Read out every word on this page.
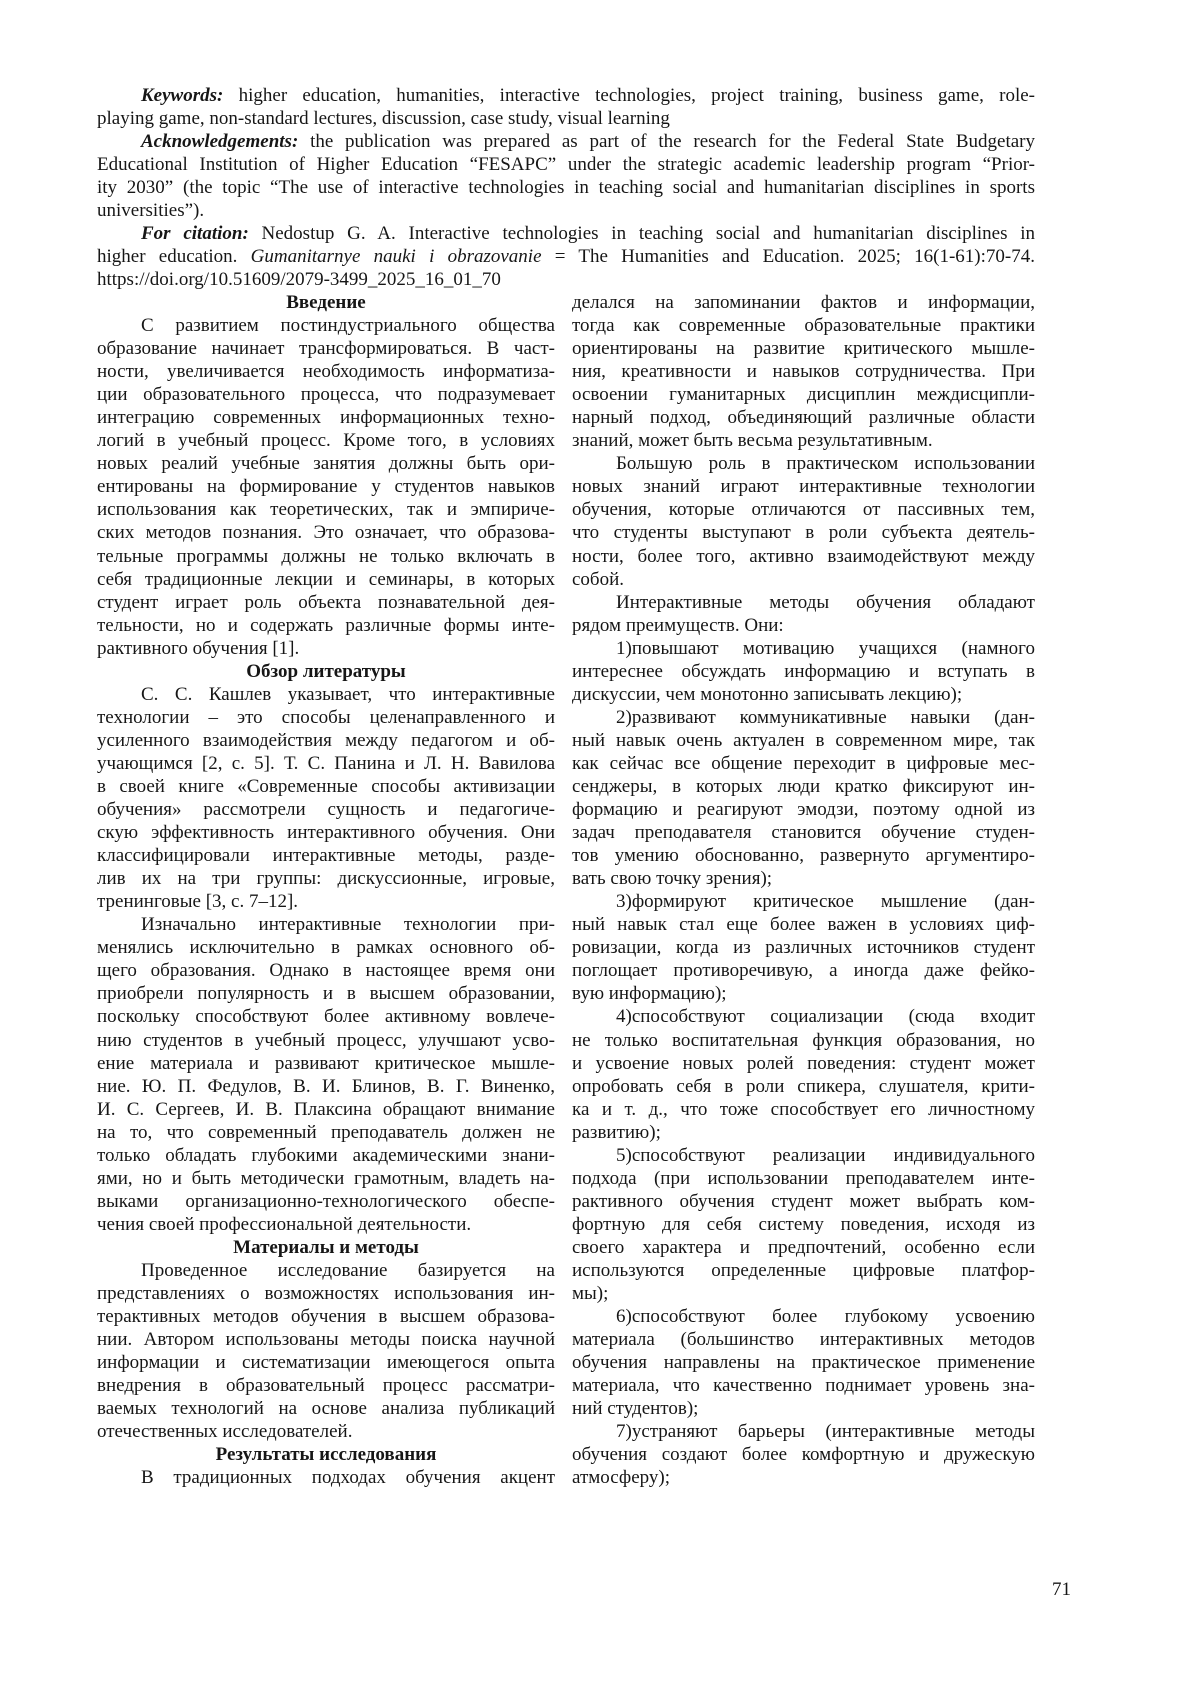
Keywords: higher education, humanities, interactive technologies, project training, business game, role-
playing game, non-standard lectures, discussion, case study, visual learning
Acknowledgements: the publication was prepared as part of the research for the Federal State Budgetary
Educational Institution of Higher Education “FESAPC” under the strategic academic leadership program “Prior-
ity 2030” (the topic “The use of interactive technologies in teaching social and humanitarian disciplines in sports
universities”).
For citation: Nedostup G. A. Interactive technologies in teaching social and humanitarian disciplines in
higher education. Gumanitarnye nauki i obrazovanie = The Humanities and Education. 2025; 16(1-61):70-74.
https://doi.org/10.51609/2079-3499_2025_16_01_70
Введение
С развитием постиндустриального общества
образование начинает трансформироваться. В част-
ности, увеличивается необходимость информатиза-
ции образовательного процесса, что подразумевает
интеграцию современных информационных техно-
логий в учебный процесс. Кроме того, в условиях
новых реалий учебные занятия должны быть ори-
ентированы на формирование у студентов навыков
использования как теоретических, так и эмпириче-
ских методов познания. Это означает, что образова-
тельные программы должны не только включать в
себя традиционные лекции и семинары, в которых
студент играет роль объекта познавательной дея-
тельности, но и содержать различные формы инте-
рактивного обучения [1].
Обзор литературы
С. С. Кашлев указывает, что интерактивные
технологии – это способы целенаправленного и
усиленного взаимодействия между педагогом и об-
учающимся [2, с. 5]. Т. С. Панина и Л. Н. Вавилова
в своей книге «Современные способы активизации
обучения» рассмотрели сущность и педагогиче-
скую эффективность интерактивного обучения. Они
классифицировали интерактивные методы, разде-
лив их на три группы: дискуссионные, игровые,
тренинговые [3, с. 7–12].
Изначально интерактивные технологии при-
менялись исключительно в рамках основного об-
щего образования. Однако в настоящее время они
приобрели популярность и в высшем образовании,
поскольку способствуют более активному вовлече-
нию студентов в учебный процесс, улучшают усво-
ение материала и развивают критическое мышле-
ние. Ю. П. Федулов, В. И. Блинов, В. Г. Виненко,
И. С. Сергеев, И. В. Плаксина обращают внимание
на то, что современный преподаватель должен не
только обладать глубокими академическими знани-
ями, но и быть методически грамотным, владеть на-
выками организационно-технологического обеспе-
чения своей профессиональной деятельности.
Материалы и методы
Проведенное исследование базируется на
представлениях о возможностях использования ин-
терактивных методов обучения в высшем образова-
нии. Автором использованы методы поиска научной
информации и систематизации имеющегося опыта
внедрения в образовательный процесс рассматри-
ваемых технологий на основе анализа публикаций
отечественных исследователей.
Результаты исследования
В традиционных подходах обучения акцент
делался на запоминании фактов и информации,
тогда как современные образовательные практики
ориентированы на развитие критического мышле-
ния, креативности и навыков сотрудничества. При
освоении гуманитарных дисциплин междисципли-
нарный подход, объединяющий различные области
знаний, может быть весьма результативным.
Большую роль в практическом использовании
новых знаний играют интерактивные технологии
обучения, которые отличаются от пассивных тем,
что студенты выступают в роли субъекта деятель-
ности, более того, активно взаимодействуют между
собой.
Интерактивные методы обучения обладают
рядом преимуществ. Они:
1)повышают мотивацию учащихся (намного
интереснее обсуждать информацию и вступать в
дискуссии, чем монотонно записывать лекцию);
2)развивают коммуникативные навыки (дан-
ный навык очень актуален в современном мире, так
как сейчас все общение переходит в цифровые мес-
сенджеры, в которых люди кратко фиксируют ин-
формацию и реагируют эмодзи, поэтому одной из
задач преподавателя становится обучение студен-
тов умению обоснованно, развернуто аргументиро-
вать свою точку зрения);
3)формируют критическое мышление (дан-
ный навык стал еще более важен в условиях циф-
ровизации, когда из различных источников студент
поглощает противоречивую, а иногда даже фейко-
вую информацию);
4)способствуют социализации (сюда входит
не только воспитательная функция образования, но
и усвоение новых ролей поведения: студент может
опробовать себя в роли спикера, слушателя, крити-
ка и т. д., что тоже способствует его личностному
развитию);
5)способствуют реализации индивидуального
подхода (при использовании преподавателем инте-
рактивного обучения студент может выбрать ком-
фортную для себя систему поведения, исходя из
своего характера и предпочтений, особенно если
используются определенные цифровые платфор-
мы);
6)способствуют более глубокому усвоению
материала (большинство интерактивных методов
обучения направлены на практическое применение
материала, что качественно поднимает уровень зна-
ний студентов);
7)устраняют барьеры (интерактивные методы
обучения создают более комфортную и дружескую
атмосферу);
71
